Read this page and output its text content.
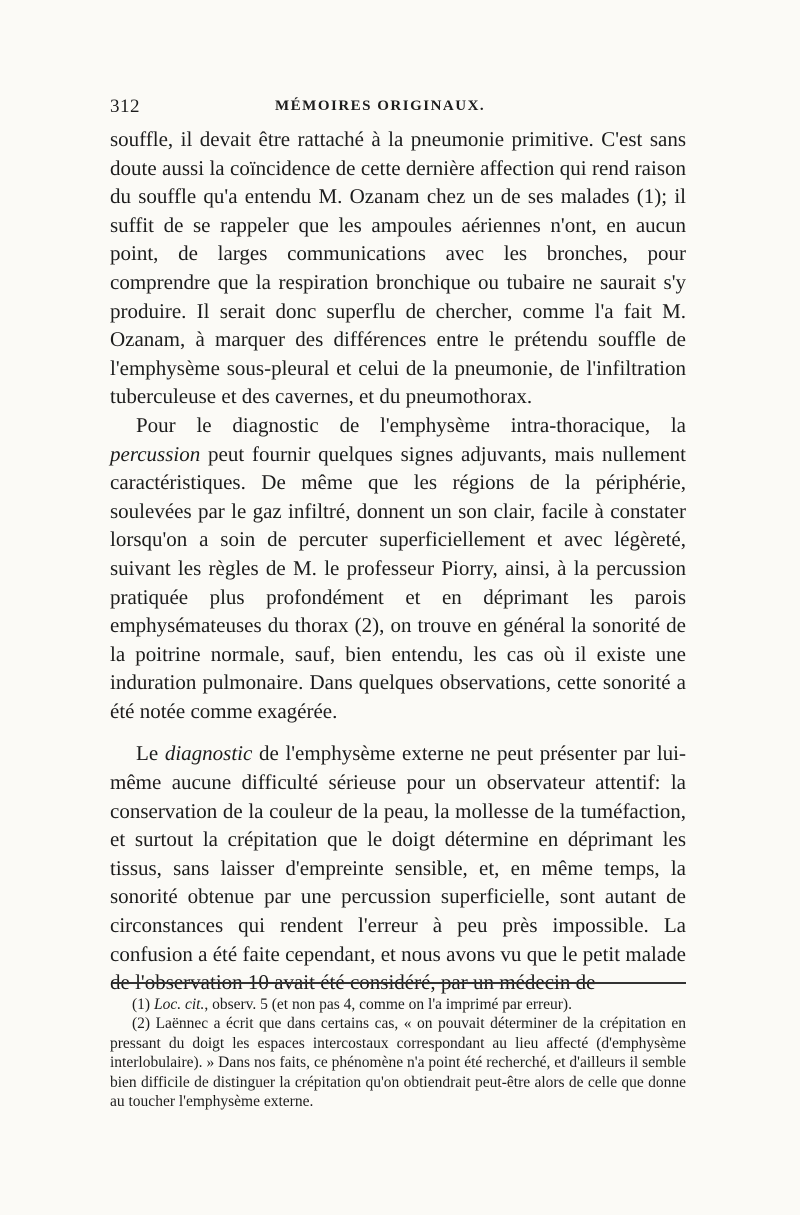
312	MÉMOIRES ORIGINAUX.

souffle, il devait être rattaché à la pneumonie primitive. C'est sans doute aussi la coïncidence de cette dernière affection qui rend raison du souffle qu'a entendu M. Ozanam chez un de ses malades (1); il suffit de se rappeler que les ampoules aériennes n'ont, en aucun point, de larges communications avec les bronches, pour comprendre que la respiration bronchique ou tubaire ne saurait s'y produire. Il serait donc superflu de chercher, comme l'a fait M. Ozanam, à marquer des différences entre le prétendu souffle de l'emphysème sous-pleural et celui de la pneumonie, de l'infiltration tuberculeuse et des cavernes, et du pneumothorax.

Pour le diagnostic de l'emphysème intra-thoracique, la percussion peut fournir quelques signes adjuvants, mais nullement caractéristiques. De même que les régions de la périphérie, soulevées par le gaz infiltré, donnent un son clair, facile à constater lorsqu'on a soin de percuter superficiellement et avec légèreté, suivant les règles de M. le professeur Piorry, ainsi, à la percussion pratiquée plus profondément et en déprimant les parois emphysémateuses du thorax (2), on trouve en général la sonorité de la poitrine normale, sauf, bien entendu, les cas où il existe une induration pulmonaire. Dans quelques observations, cette sonorité a été notée comme exagérée.

Le diagnostic de l'emphysème externe ne peut présenter par lui-même aucune difficulté sérieuse pour un observateur attentif: la conservation de la couleur de la peau, la mollesse de la tuméfaction, et surtout la crépitation que le doigt détermine en déprimant les tissus, sans laisser d'empreinte sensible, et, en même temps, la sonorité obtenue par une percussion superficielle, sont autant de circonstances qui rendent l'erreur à peu près impossible. La confusion a été faite cependant, et nous avons vu que le petit malade de l'observation 10 avait été considéré, par un médecin de

(1) Loc. cit., observ. 5 (et non pas 4, comme on l'a imprimé par erreur).

(2) Laënnec a écrit que dans certains cas, « on pouvait déterminer de la crépitation en pressant du doigt les espaces intercostaux correspondant au lieu affecté (d'emphysème interlobulaire). » Dans nos faits, ce phénomène n'a point été recherché, et d'ailleurs il semble bien difficile de distinguer la crépitation qu'on obtiendrait peut-être alors de celle que donne au toucher l'emphysème externe.
